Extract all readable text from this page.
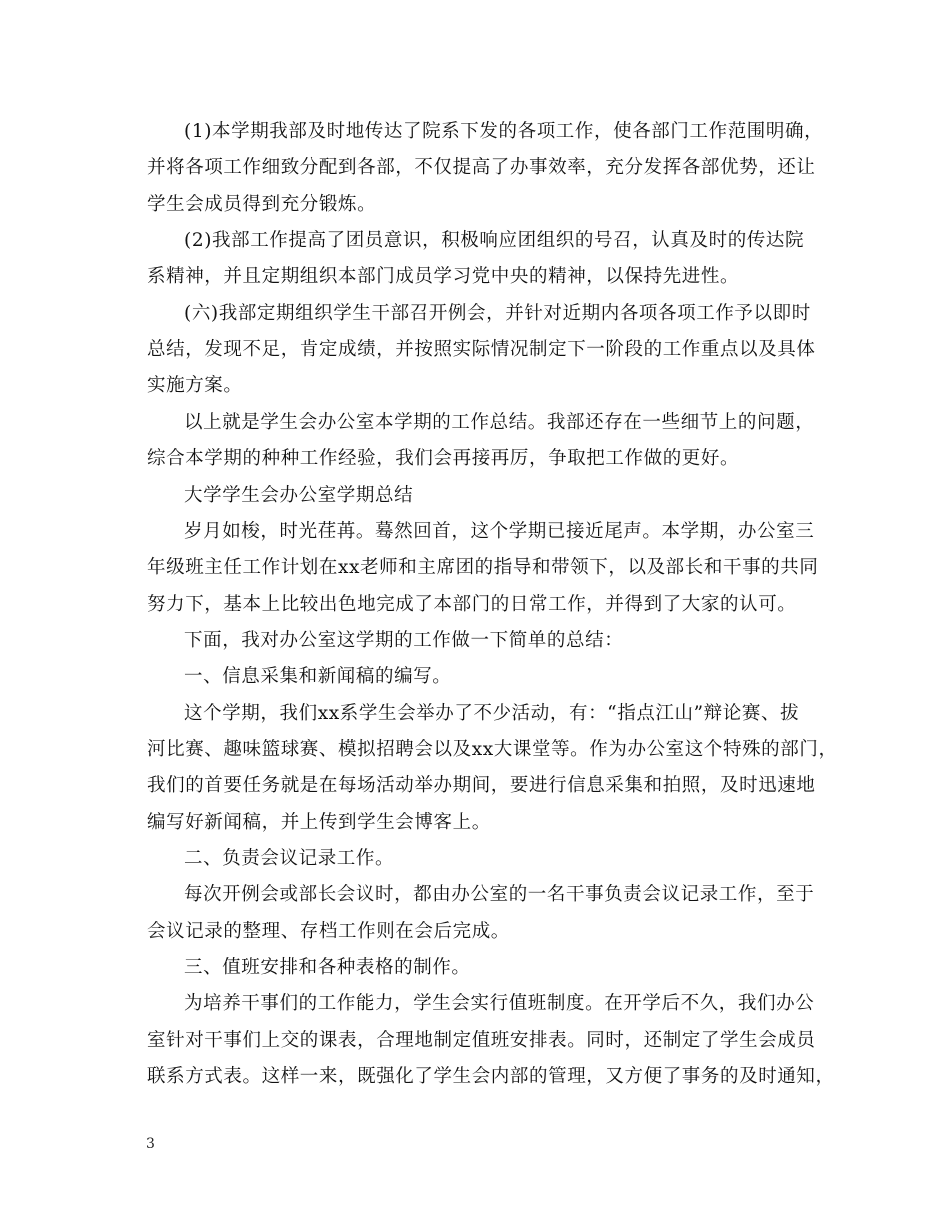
(1)本学期我部及时地传达了院系下发的各项工作，使各部门工作范围明确，
并将各项工作细致分配到各部，不仅提高了办事效率，充分发挥各部优势，还让
学生会成员得到充分锻炼。
(2)我部工作提高了团员意识，积极响应团组织的号召，认真及时的传达院
系精神，并且定期组织本部门成员学习党中央的精神，以保持先进性。
(六)我部定期组织学生干部召开例会，并针对近期内各项各项工作予以即时
总结，发现不足，肯定成绩，并按照实际情况制定下一阶段的工作重点以及具体
实施方案。
以上就是学生会办公室本学期的工作总结。我部还存在一些细节上的问题，
综合本学期的种种工作经验，我们会再接再厉，争取把工作做的更好。
大学学生会办公室学期总结
岁月如梭，时光荏苒。蓦然回首，这个学期已接近尾声。本学期，办公室三
年级班主任工作计划在xx老师和主席团的指导和带领下，以及部长和干事的共同
努力下，基本上比较出色地完成了本部门的日常工作，并得到了大家的认可。
下面，我对办公室这学期的工作做一下简单的总结：
一、信息采集和新闻稿的编写。
这个学期，我们xx系学生会举办了不少活动，有：“指点江山”辩论赛、拔
河比赛、趣味篮球赛、模拟招聘会以及xx大课堂等。作为办公室这个特殊的部门，
我们的首要任务就是在每场活动举办期间，要进行信息采集和拍照，及时迅速地
编写好新闻稿，并上传到学生会博客上。
二、负责会议记录工作。
每次开例会或部长会议时，都由办公室的一名干事负责会议记录工作，至于
会议记录的整理、存档工作则在会后完成。
三、值班安排和各种表格的制作。
为培养干事们的工作能力，学生会实行值班制度。在开学后不久，我们办公
室针对干事们上交的课表，合理地制定值班安排表。同时，还制定了学生会成员
联系方式表。这样一来，既强化了学生会内部的管理，又方便了事务的及时通知，
3
